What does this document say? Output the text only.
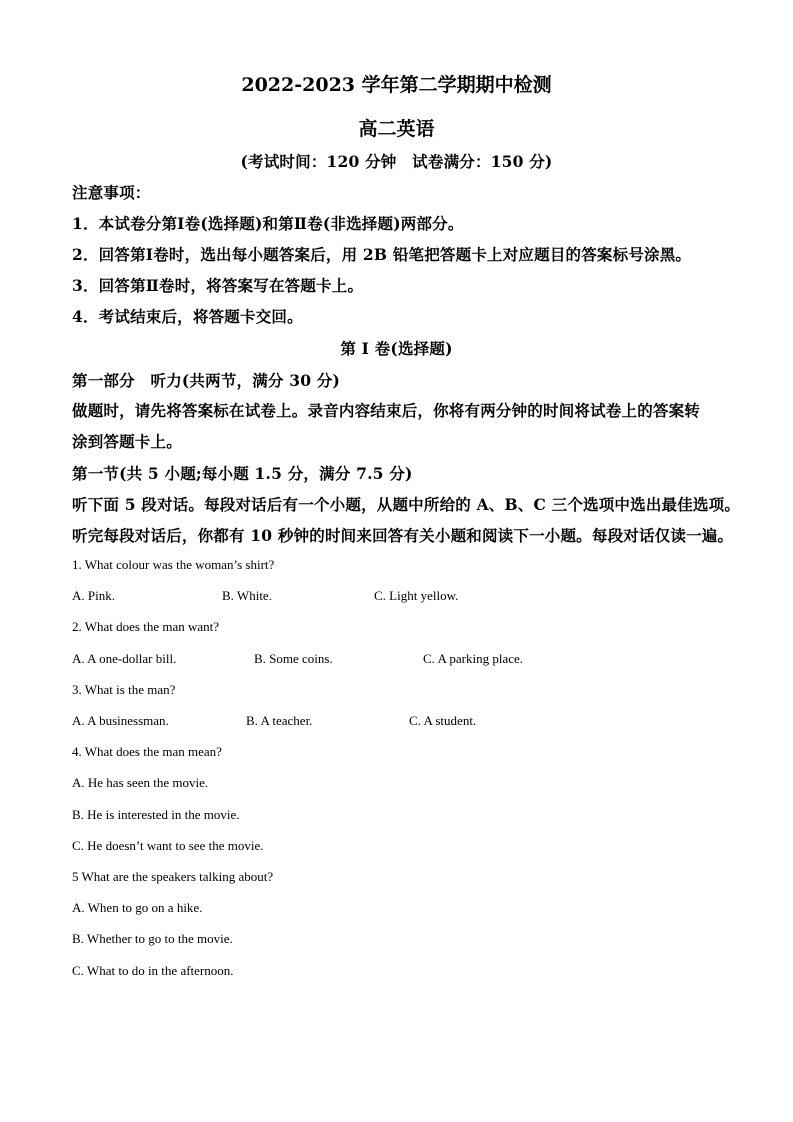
2022-2023 学年第二学期期中检测
高二英语
(考试时间：120 分钟　试卷满分：150 分)
注意事项：
1．本试卷分第Ⅰ卷(选择题)和第Ⅱ卷(非选择题)两部分。
2．回答第Ⅰ卷时，选出每小题答案后，用 2B 铅笔把答题卡上对应题目的答案标号涂黑。
3．回答第Ⅱ卷时，将答案写在答题卡上。
4．考试结束后，将答题卡交回。
第 I 卷(选择题)
第一部分　听力(共两节，满分 30 分)
做题时，请先将答案标在试卷上。录音内容结束后，你将有两分钟的时间将试卷上的答案转
涂到答题卡上。
第一节(共 5 小题;每小题 1.5 分，满分 7.5 分)
听下面 5 段对话。每段对话后有一个小题，从题中所给的 A、B、C 三个选项中选出最佳选项。
听完每段对话后，你都有 10 秒钟的时间来回答有关小题和阅读下一小题。每段对话仅读一遍。
1. What colour was the woman’s shirt?
A. Pink.	B. White.	C. Light yellow.
2. What does the man want?
A. A one-dollar bill.	B. Some coins.	C. A parking place.
3. What is the man?
A. A businessman.	B. A teacher.	C. A student.
4. What does the man mean?
A. He has seen the movie.
B. He is interested in the movie.
C. He doesn’t want to see the movie.
5 What are the speakers talking about?
A. When to go on a hike.
B. Whether to go to the movie.
C. What to do in the afternoon.
